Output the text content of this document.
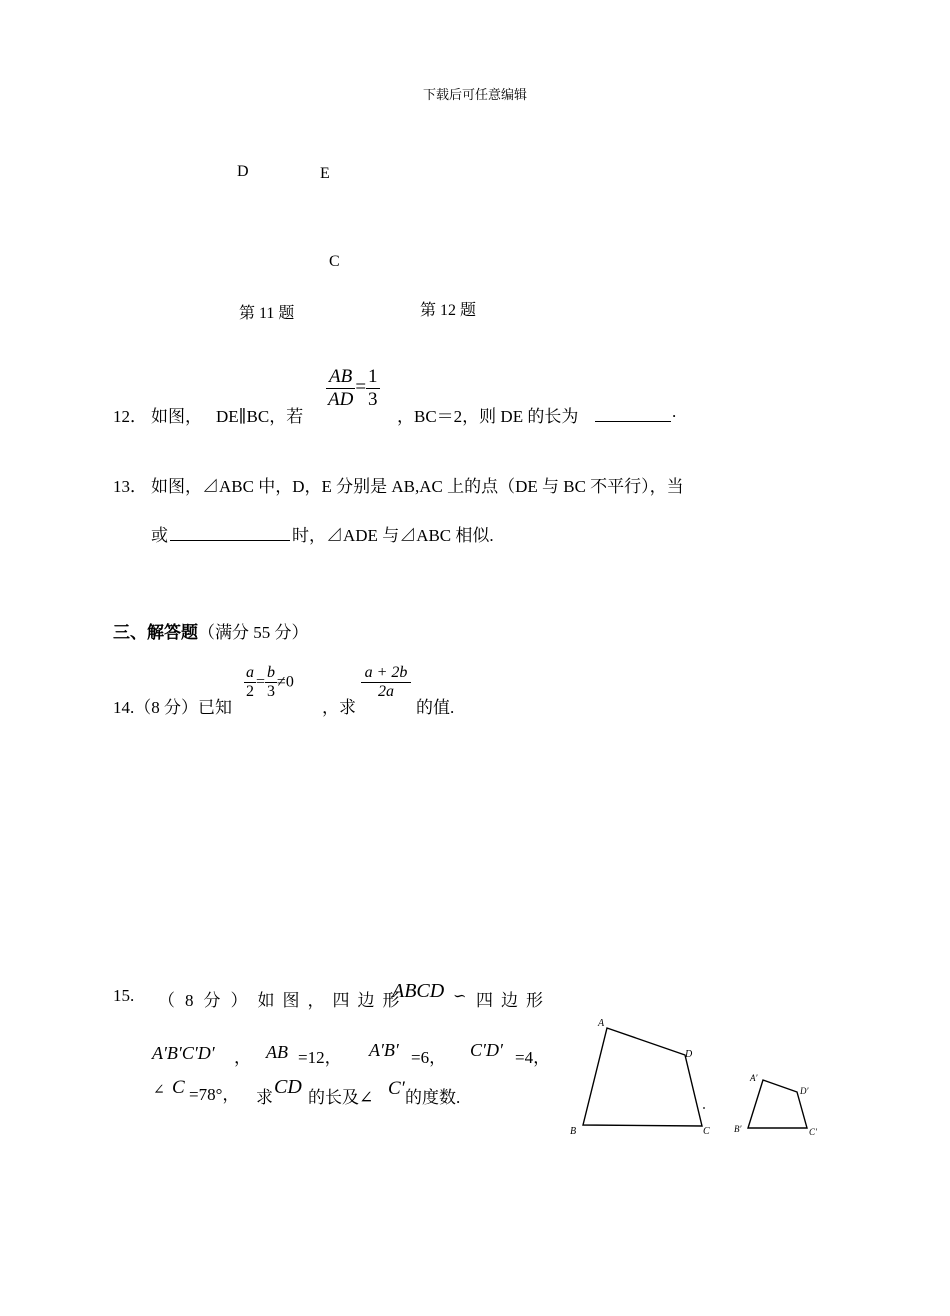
下载后可任意编辑
D	E
C
第 11 题	第 12 题
12． 如图， DE∥BC，若
$\frac{AB}{AD} = \frac{1}{3}$
，BC＝2，则 DE 的长为	.
13． 如图，⊿ABC 中，D，E 分别是 AB,AC 上的点（DE 与 BC 不平行），当
或	时，⊿ADE 与⊿ABC 相似.
三、解答题（满分 55 分）
14.（8 分）已知
$\frac{a}{2} = \frac{b}{3} \ne 0$
，求
$\frac{a + 2b}{2a}$
的值.
15. （ 8 分 ） 如 图 ， 四 边 形
ABCD ∽ 四 边 形
A′B′C′D′ ， AB =12， A′B′ =6， C′D′ =4，
∠ C =78°， 求 CD 的长及∠ C′ 的度数.
A
D
B	C
A′
D′
B′	C′
